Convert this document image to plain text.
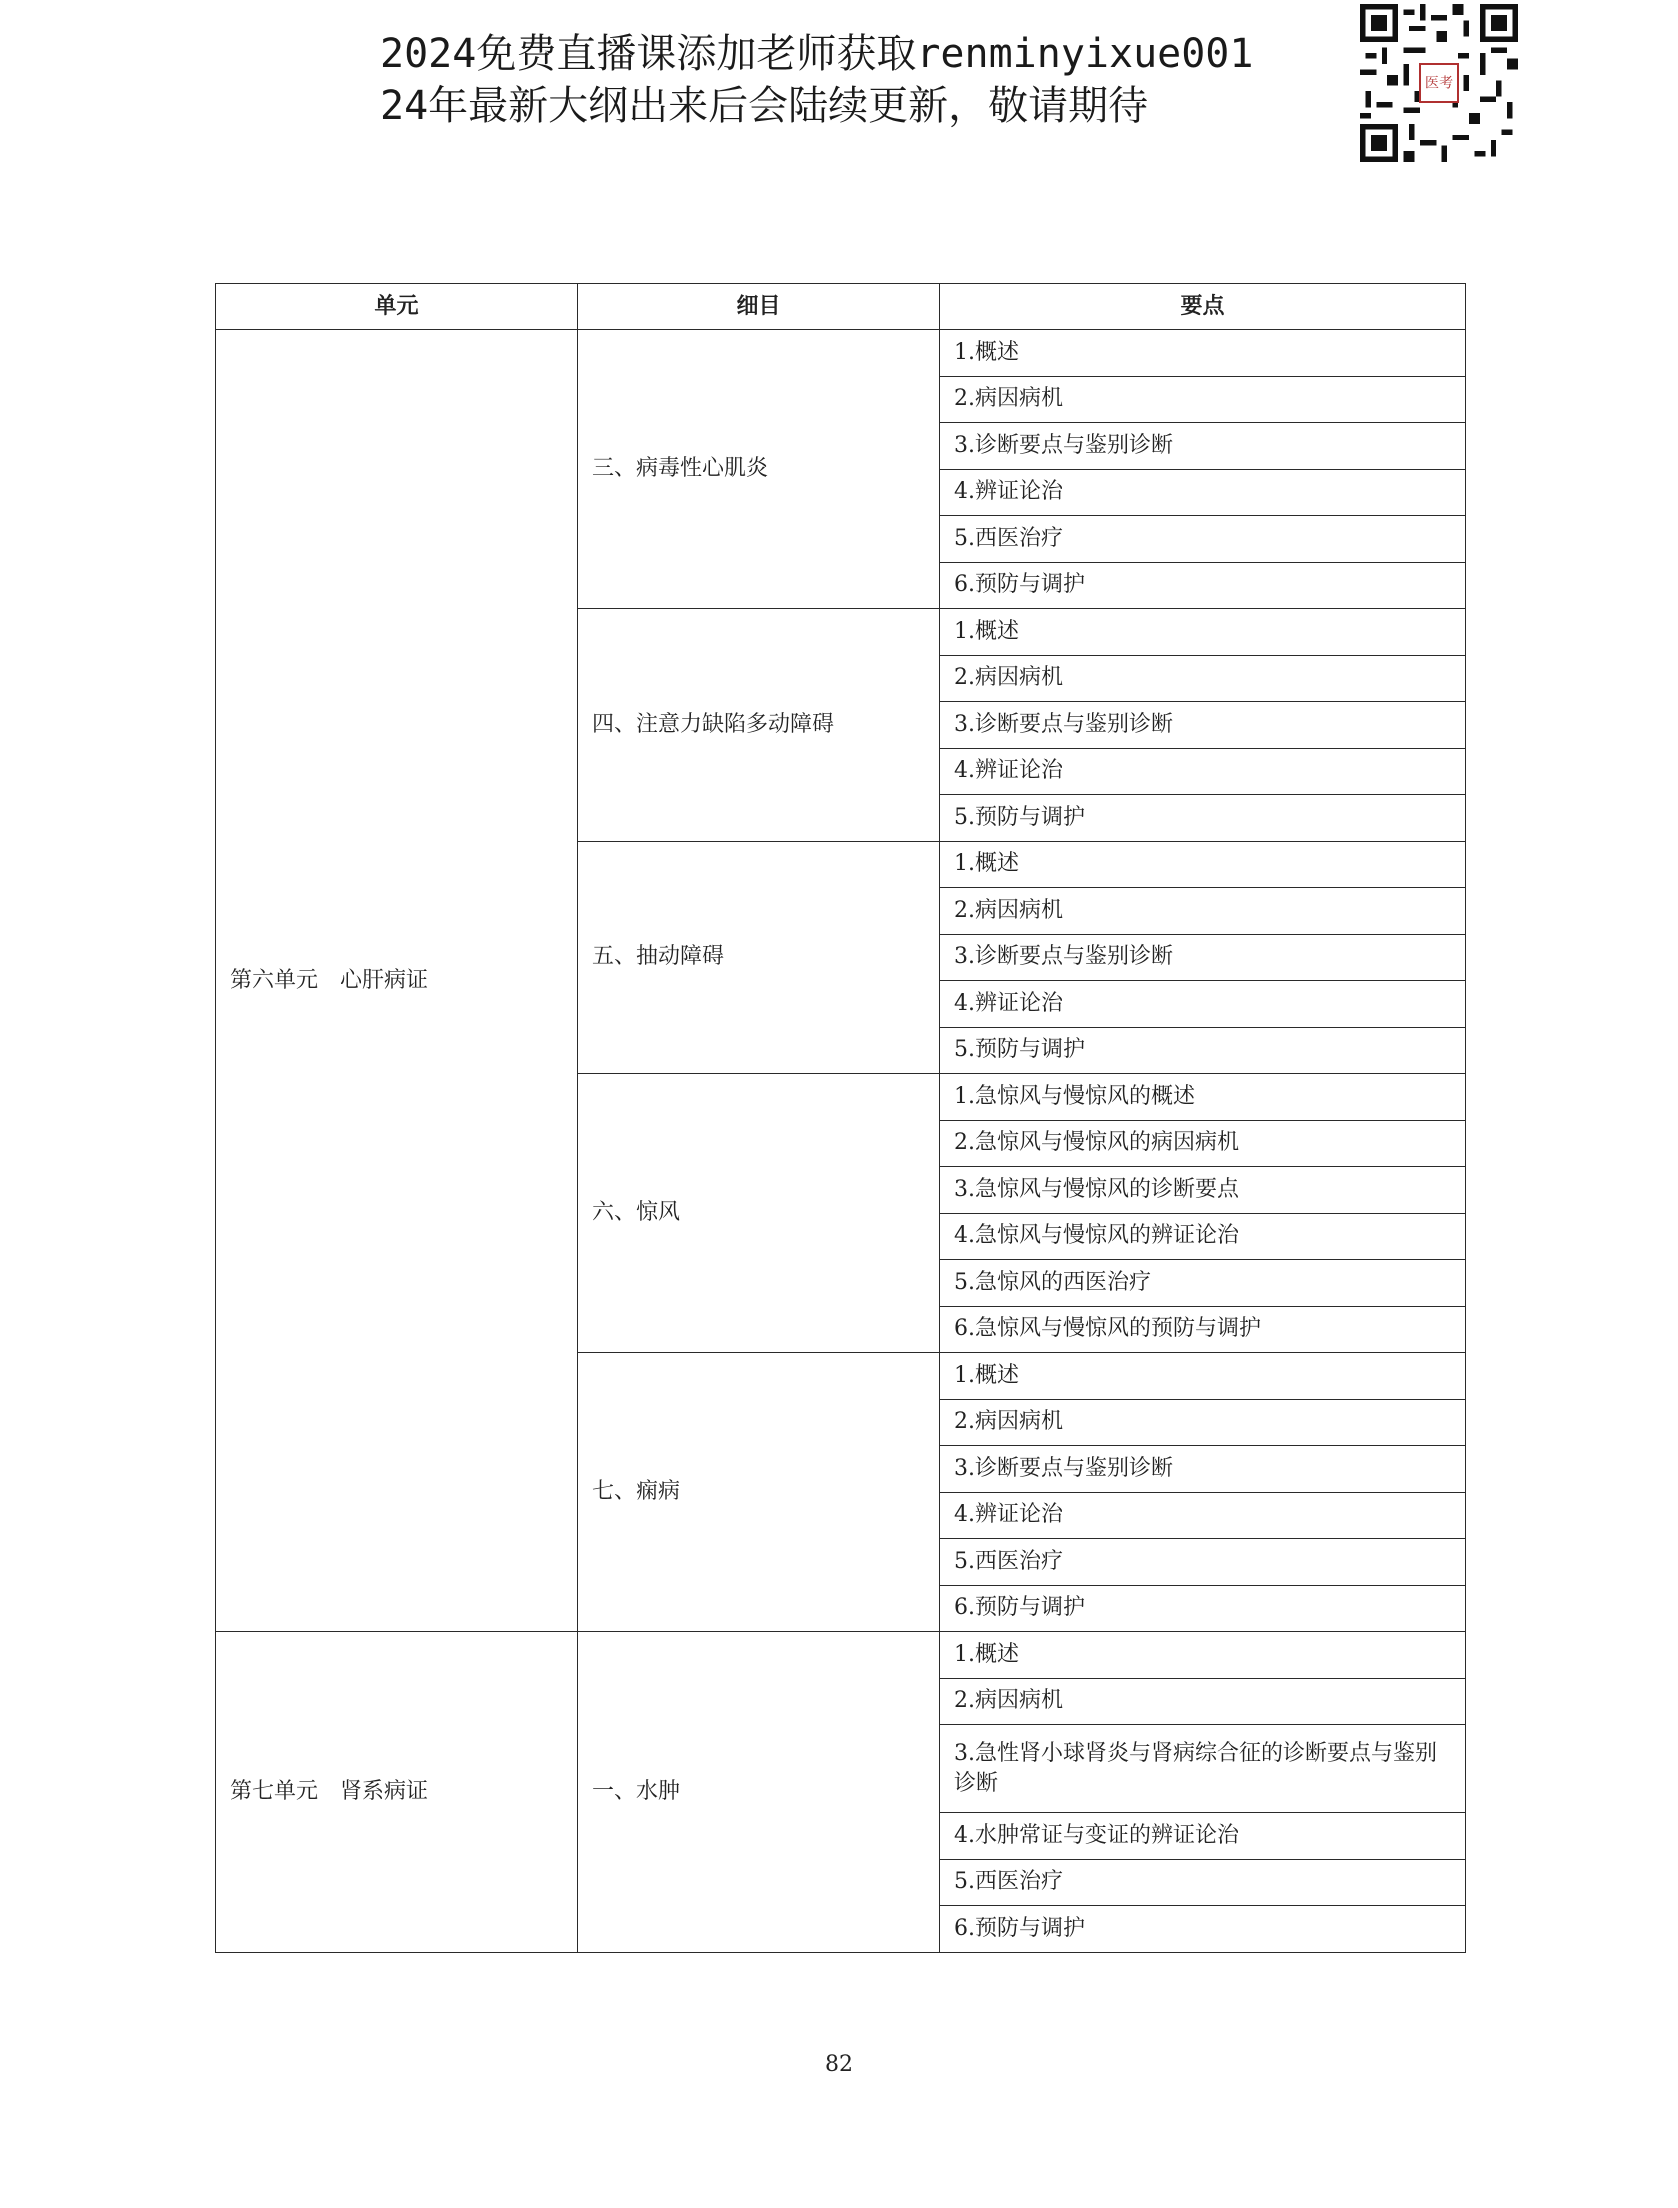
2024免费直播课添加老师获取renminyixue001
24年最新大纲出来后会陆续更新，敬请期待	医考
单元	细目	要点
第六单元　心肝病证	三、病毒性心肌炎	1.概述
		2.病因病机
		3.诊断要点与鉴别诊断
		4.辨证论治
		5.西医治疗
		6.预防与调护
	四、注意力缺陷多动障碍	1.概述
		2.病因病机
		3.诊断要点与鉴别诊断
		4.辨证论治
		5.预防与调护
	五、抽动障碍	1.概述
		2.病因病机
		3.诊断要点与鉴别诊断
		4.辨证论治
		5.预防与调护
	六、惊风	1.急惊风与慢惊风的概述
		2.急惊风与慢惊风的病因病机
		3.急惊风与慢惊风的诊断要点
		4.急惊风与慢惊风的辨证论治
		5.急惊风的西医治疗
		6.急惊风与慢惊风的预防与调护
	七、痫病	1.概述
		2.病因病机
		3.诊断要点与鉴别诊断
		4.辨证论治
		5.西医治疗
		6.预防与调护
第七单元　肾系病证	一、水肿	1.概述
		2.病因病机
		3.急性肾小球肾炎与肾病综合征的诊断要点与鉴别诊断
		4.水肿常证与变证的辨证论治
		5.西医治疗
		6.预防与调护
82
